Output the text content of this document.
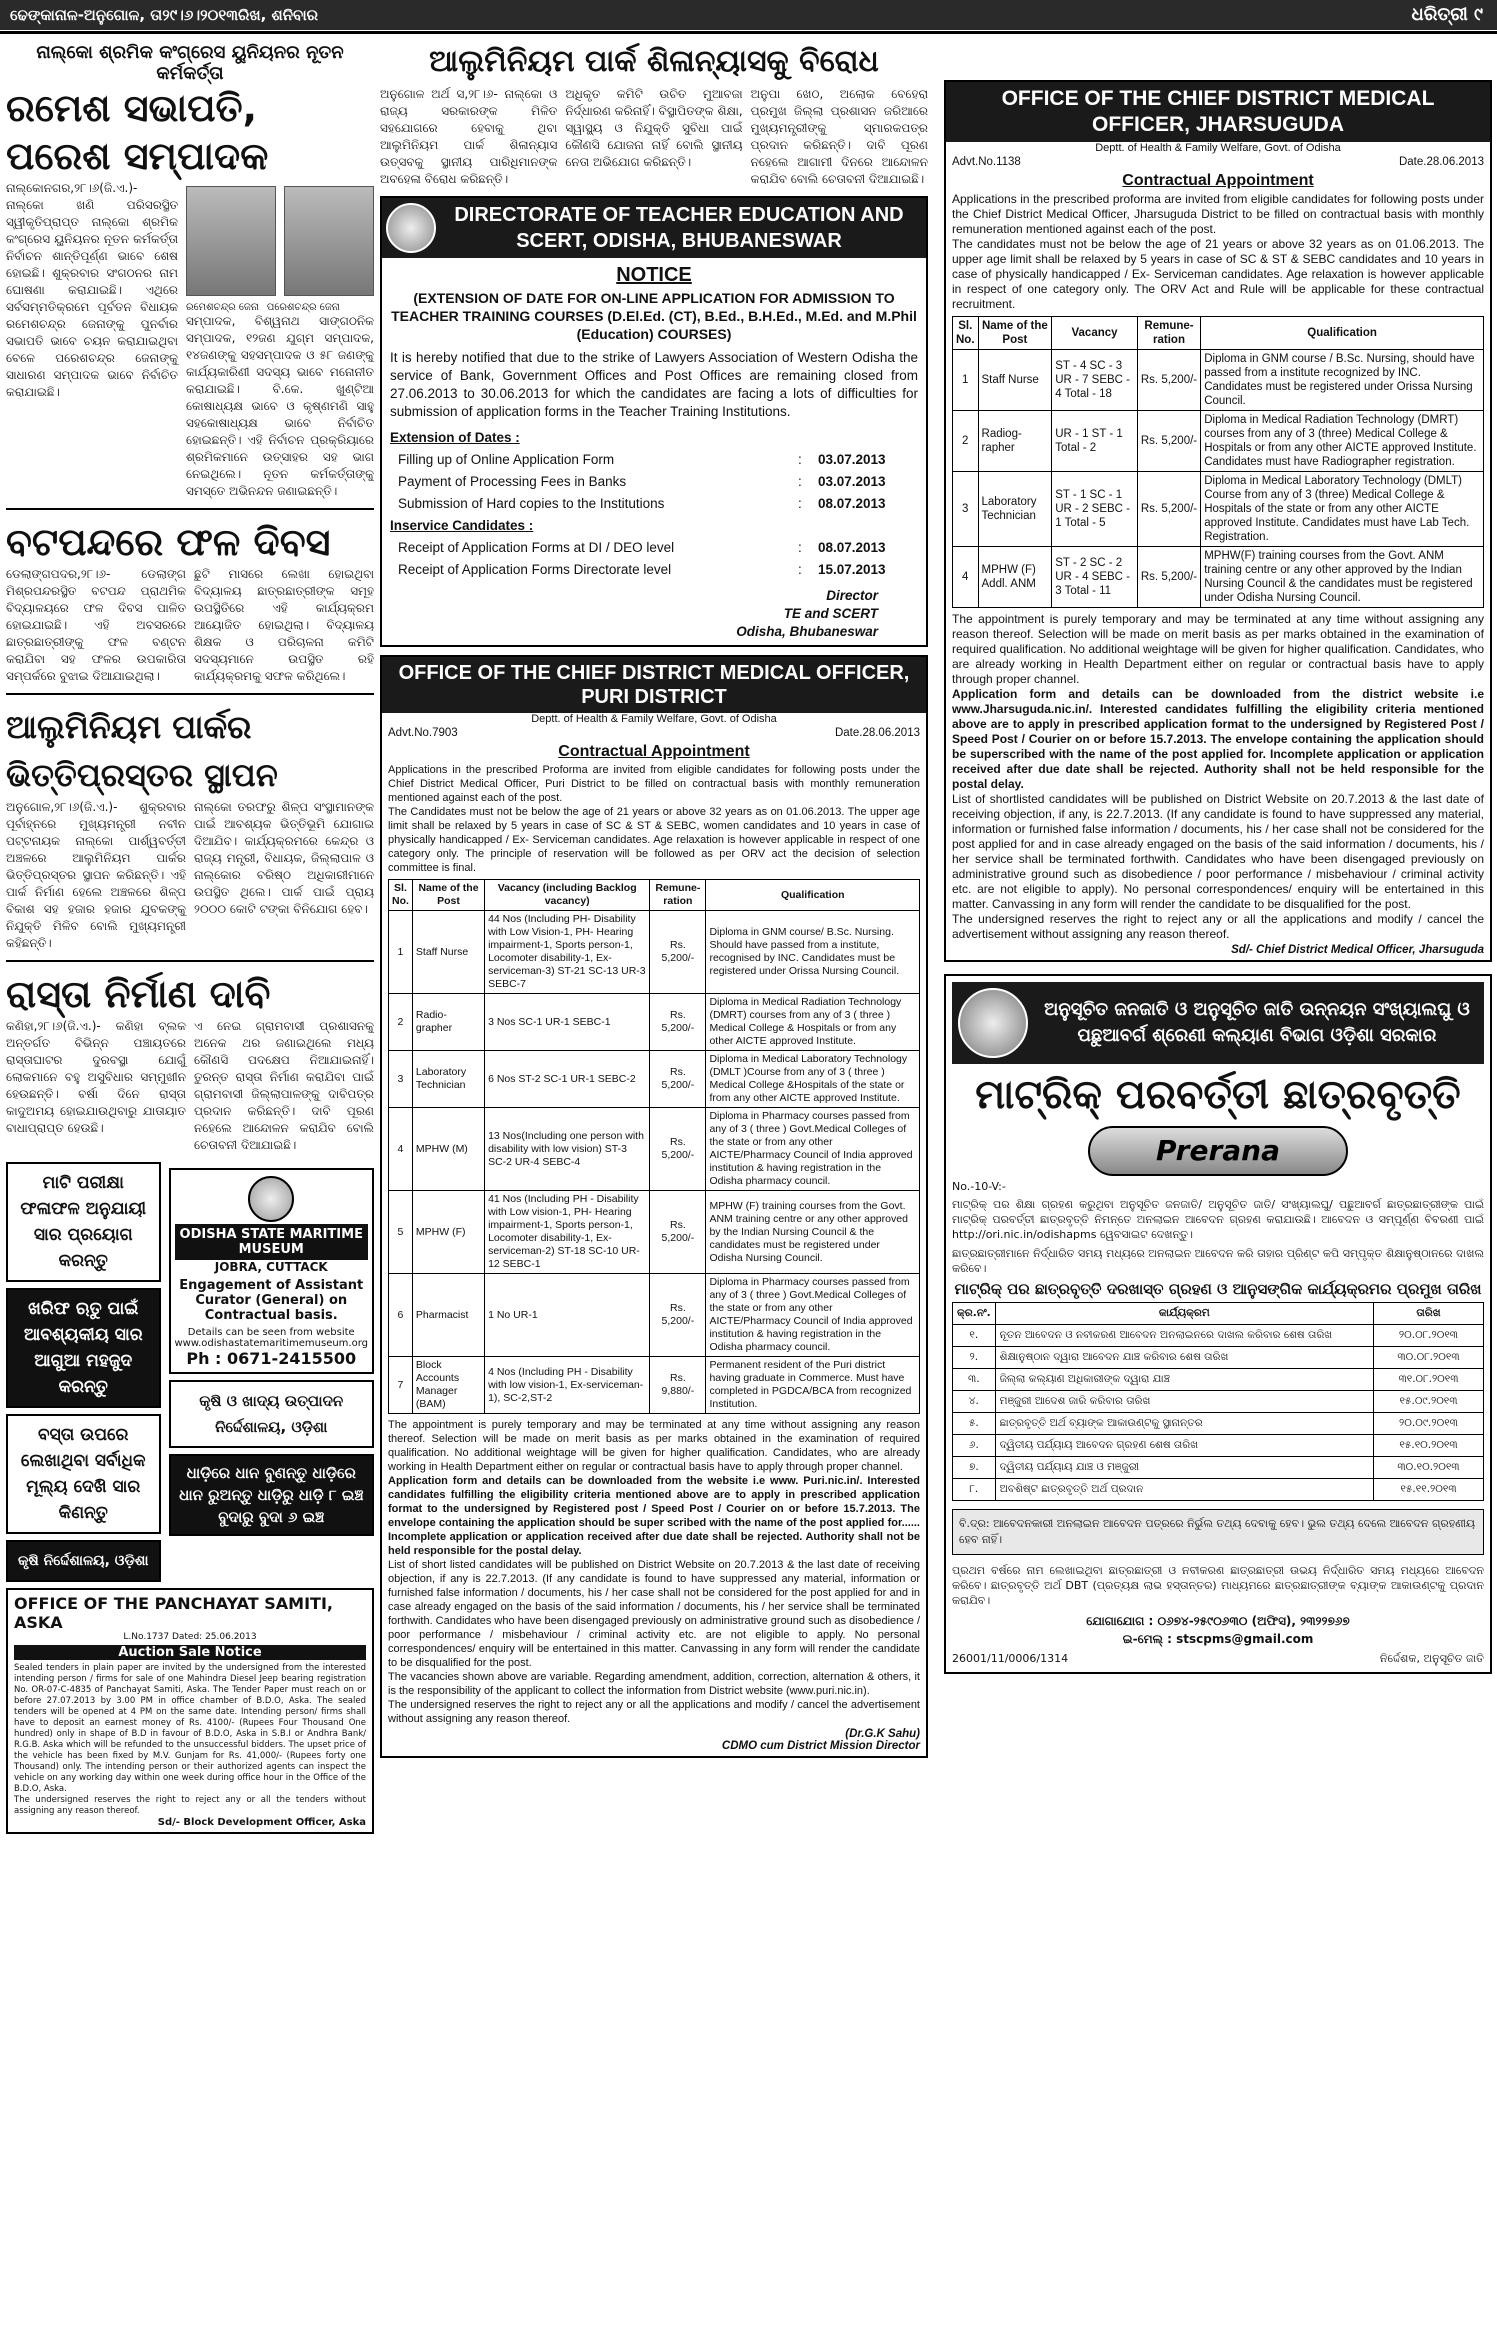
ଢେଙ୍କାନାଳ-ଅନୁଗୋଳ, ତା୨୯।୬।୨୦୧୩ରିଖ, ଶନିବାର	ଧରିତ୍ରୀ ୯
ନାଲ୍‌କୋ ଶ୍ରମିକ କଂଗ୍ରେସ ୟୁନିୟନର ନୂତନ କର୍ମକର୍ତ୍ତା
ରମେଶ ସଭାପତି, ପରେଶ ସମ୍ପାଦକ
ନାଲ୍‌କୋନଗର,୨୮।୬(ଜି.ଏ.)- ନାଲ୍‌କୋ ଖଣି ପରିସରସ୍ଥିତ ସ୍ୱୀକୃତିପ୍ରାପ୍ତ ନାଲ୍‌କୋ ଶ୍ରମିକ କଂଗ୍ରେସ ୟୁନିୟନର ନୂତନ କର୍ମକର୍ତ୍ତା ନିର୍ବାଚନ ଶାନ୍ତିପୂର୍ଣ୍ଣ ଭାବେ ଶେଷ ହୋଇଛି। ଶୁକ୍ରବାର ସଂଗଠନର ନାମ ଘୋଷଣା କରାଯାଇଛି। ଏଥିରେ ସର୍ବସମ୍ମତିକ୍ରମେ ପୂର୍ବତନ ବିଧାୟକ ରମେଶଚନ୍ଦ୍ର ଜେନାଙ୍କୁ ପୁନର୍ବାର ସଭାପତି ଭାବେ ଚୟନ କରାଯାଇଥିବା ବେଳେ ପରେଶଚନ୍ଦ୍ର ଜେନାଙ୍କୁ ସାଧାରଣ ସମ୍ପାଦକ ଭାବେ ନିର୍ବାଚିତ କରାଯାଇଛି।
ରମେଶଚନ୍ଦ୍ର ଜେନା ପରେଶଚନ୍ଦ୍ର ଜେନା
ସମ୍ପାଦକ, ବିଶ୍ୱନାଥ ସାଙ୍ଗଠନିକ ସମ୍ପାଦକ, ୧୨ଜଣ ଯୁଗ୍ମ ସମ୍ପାଦକ, ୧୪ଜଣଙ୍କୁ ସହସମ୍ପାଦକ ଓ ୫୮ ଜଣଙ୍କୁ କାର୍ଯ୍ୟକାରିଣୀ ସଦସ୍ୟ ଭାବେ ମନୋନୀତ କରାଯାଇଛି। ବି.କେ. ଖୁଣ୍ଟିଆ କୋଷାଧ୍ୟକ୍ଷ ଭାବେ ଓ କୃଷ୍ଣମଣି ସାହୁ ସହକୋଷାଧ୍ୟକ୍ଷ ଭାବେ ନିର୍ବାଚିତ ହୋଇଛନ୍ତି। ଏହି ନିର୍ବାଚନ ପ୍ରକ୍ରିୟାରେ ଶ୍ରମିକମାନେ ଉତ୍ସାହର ସହ ଭାଗ ନେଇଥିଲେ। ନୂତନ କର୍ମକର୍ତ୍ତାଙ୍କୁ ସମସ୍ତେ ଅଭିନନ୍ଦନ ଜଣାଇଛନ୍ତି।
ବଟପନ୍ଦରେ ଫଳ ଦିବସ
ଡେଲାଙ୍ଗପଦର,୨୮।୬- ଡେଲାଙ୍ଗ ମିଶ୍ରପନ୍ଦରସ୍ଥିତ ବଟପନ୍ଦ ପ୍ରାଥମିକ ବିଦ୍ୟାଳୟରେ ଫଳ ଦିବସ ପାଳିତ ହୋଇଯାଇଛି। ଏହି ଅବସରରେ ଛାତ୍ରଛାତ୍ରୀଙ୍କୁ ଫଳ ବଣ୍ଟନ କରାଯିବା ସହ ଫଳର ଉପକାରିତା ସମ୍ପର୍କରେ ବୁଝାଇ ଦିଆଯାଇଥିଲା।
ଛୁଟି ମାସରେ ଲେଖା ହୋଇଥିବା ବିଦ୍ୟାଳୟ ଛାତ୍ରଛାତ୍ରୀଙ୍କ ସମୂହ ଉପସ୍ଥିତିରେ ଏହି କାର୍ଯ୍ୟକ୍ରମ ଆୟୋଜିତ ହୋଇଥିଲା। ବିଦ୍ୟାଳୟ ଶିକ୍ଷକ ଓ ପରିଚାଳନା କମିଟି ସଦସ୍ୟମାନେ ଉପସ୍ଥିତ ରହି କାର୍ଯ୍ୟକ୍ରମକୁ ସଫଳ କରିଥିଲେ।
ଆଲୁମିନିୟମ ପାର୍କର ଭିତ୍ତିପ୍ରସ୍ତର ସ୍ଥାପନ
ଅନୁଗୋଳ,୨୮।୬(ଜି.ଏ.)- ଶୁକ୍ରବାର ପୂର୍ବାହ୍ନରେ ମୁଖ୍ୟମନ୍ତ୍ରୀ ନବୀନ ପଟ୍ଟନାୟକ ନାଲ୍‌କୋ ପାର୍ଶ୍ୱବର୍ତ୍ତୀ ଅଞ୍ଚଳରେ ଆଲୁମିନିୟମ ପାର୍କର ଭିତ୍ତିପ୍ରସ୍ତର ସ୍ଥାପନ କରିଛନ୍ତି। ଏହି ପାର୍କ ନିର୍ମାଣ ହେଲେ ଅଞ୍ଚଳରେ ଶିଳ୍ପ ବିକାଶ ସହ ହଜାର ହଜାର ଯୁବକଙ୍କୁ ନିଯୁକ୍ତି ମିଳିବ ବୋଲି ମୁଖ୍ୟମନ୍ତ୍ରୀ କହିଛନ୍ତି।
ନାଲ୍‌କୋ ତରଫରୁ ଶିଳ୍ପ ସଂସ୍ଥାମାନଙ୍କ ପାଇଁ ଆବଶ୍ୟକ ଭିତ୍ତିଭୂମି ଯୋଗାଇ ଦିଆଯିବ। କାର୍ଯ୍ୟକ୍ରମରେ କେନ୍ଦ୍ର ଓ ରାଜ୍ୟ ମନ୍ତ୍ରୀ, ବିଧାୟକ, ଜିଲ୍ଲାପାଳ ଓ ନାଲ୍‌କୋର ବରିଷ୍ଠ ଅଧିକାରୀମାନେ ଉପସ୍ଥିତ ଥିଲେ। ପାର୍କ ପାଇଁ ପ୍ରାୟ ୨୦୦୦ କୋଟି ଟଙ୍କା ବିନିଯୋଗ ହେବ।
ରାସ୍ତା ନିର୍ମାଣ ଦାବି
କଣିହା,୨୮।୬(ଜି.ଏ.)- କଣିହା ବ୍ଲକ ଅନ୍ତର୍ଗତ ବିଭିନ୍ନ ପଞ୍ଚାୟତରେ ରାସ୍ତାଘାଟର ଦୁରବସ୍ଥା ଯୋଗୁଁ ଲୋକମାନେ ବହୁ ଅସୁବିଧାର ସମ୍ମୁଖୀନ ହେଉଛନ୍ତି। ବର୍ଷା ଦିନେ ରାସ୍ତା କାଦୁଅମୟ ହୋଇଯାଉଥିବାରୁ ଯାତାୟାତ ବାଧାପ୍ରାପ୍ତ ହେଉଛି।
ଏ ନେଇ ଗ୍ରାମବାସୀ ପ୍ରଶାସନକୁ ଅନେକ ଥର ଜଣାଇଥିଲେ ମଧ୍ୟ କୌଣସି ପଦକ୍ଷେପ ନିଆଯାଇନାହିଁ। ତୁରନ୍ତ ରାସ୍ତା ନିର୍ମାଣ କରାଯିବା ପାଇଁ ଗ୍ରାମବାସୀ ଜିଲ୍ଲାପାଳଙ୍କୁ ଦାବିପତ୍ର ପ୍ରଦାନ କରିଛନ୍ତି। ଦାବି ପୂରଣ ନହେଲେ ଆନ୍ଦୋଳନ କରାଯିବ ବୋଲି ଚେତାବନୀ ଦିଆଯାଇଛି।
ମାଟି ପରୀକ୍ଷା ଫଳାଫଳ ଅନୁଯାୟୀ ସାର ପ୍ରୟୋଗ କରନ୍ତୁ
ଖରିଫ ଋତୁ ପାଇଁ ଆବଶ୍ୟକୀୟ ସାର ଆଗୁଆ ମହଜୁଦ କରନ୍ତୁ
ବସ୍ତା ଉପରେ ଲେଖାଥିବା ସର୍ବାଧିକ ମୂଲ୍ୟ ଦେଖି ସାର କିଣନ୍ତୁ
କୃଷି ନିର୍ଦ୍ଦେଶାଳୟ, ଓଡ଼ିଶା
ODISHA STATE MARITIME MUSEUM
JOBRA, CUTTACK
Engagement of Assistant Curator (General) on Contractual basis.
Details can be seen from website www.odishastatemaritimemuseum.org
Ph : 0671-2415500
କୃଷି ଓ ଖାଦ୍ୟ ଉତ୍ପାଦନ ନିର୍ଦ୍ଦେଶାଳୟ, ଓଡ଼ିଶା
ଧାଡ଼ିରେ ଧାନ ବୁଣନ୍ତୁ ଧାଡ଼ିରେ ଧାନ ରୁଅନ୍ତୁ ଧାଡ଼ିରୁ ଧାଡ଼ି ୮ ଇଞ୍ଚ ବୁଦାରୁ ବୁଦା ୬ ଇଞ୍ଚ
OFFICE OF THE PANCHAYAT SAMITI, ASKA
L.No.1737 Dated: 25.06.2013
Auction Sale Notice
Sealed tenders in plain paper are invited by the undersigned from the interested intending person / firms for sale of one Mahindra Diesel Jeep bearing registration No. OR-07-C-4835 of Panchayat Samiti, Aska. The Tender Paper must reach on or before 27.07.2013 by 3.00 PM in office chamber of B.D.O, Aska. The sealed tenders will be opened at 4 PM on the same date. Intending person/ firms shall have to deposit an earnest money of Rs. 4100/- (Rupees Four Thousand One hundred) only in shape of B.D in favour of B.D.O, Aska in S.B.I or Andhra Bank/ R.G.B. Aska which will be refunded to the unsuccessful bidders. The upset price of the vehicle has been fixed by M.V. Gunjam for Rs. 41,000/- (Rupees forty one Thousand) only. The intending person or their authorized agents can inspect the vehicle on any working day within one week during office hour in the Office of the B.D.O, Aska.
The undersigned reserves the right to reject any or all the tenders without assigning any reason thereof.
Sd/- Block Development Officer, Aska
ଆଲୁମିନିୟମ ପାର୍କ ଶିଳାନ୍ୟାସକୁ ବିରୋଧ
ଅନୁଗୋଳ ଅର୍ଥ ସ,୨୮।୬- ନାଲ୍‌କୋ ଓ ରାଜ୍ୟ ସରକାରଙ୍କ ମିଳିତ ସହଯୋଗରେ ହେବାକୁ ଥିବା ଆଲୁମିନିୟମ ପାର୍କ ଶିଳାନ୍ୟାସ ଉତ୍ସବକୁ ସ୍ଥାନୀୟ ପାରିଧିମାନଙ୍କ ଅବହେଳା ବିରୋଧ କରିଛନ୍ତି।
ଅଧିକୃତ କମିଟି ଉଚିତ ମୁଆବଜା ନିର୍ଦ୍ଧାରଣ କରିନାହିଁ। ବିସ୍ଥାପିତଙ୍କ ଶିକ୍ଷା, ସ୍ୱାସ୍ଥ୍ୟ ଓ ନିଯୁକ୍ତି ସୁବିଧା ପାଇଁ କୌଣସି ଯୋଜନା ନାହିଁ ବୋଲି ସ୍ଥାନୀୟ ନେତା ଅଭିଯୋଗ କରିଛନ୍ତି।
ଅନୁପା ଖେଠ, ଅଲୋକ ବେହେରା ପ୍ରମୁଖ ଜିଲ୍ଲା ପ୍ରଶାସନ ଜରିଆରେ ମୁଖ୍ୟମନ୍ତ୍ରୀଙ୍କୁ ସ୍ମାରକପତ୍ର ପ୍ରଦାନ କରିଛନ୍ତି। ଦାବି ପୂରଣ ନହେଲେ ଆଗାମୀ ଦିନରେ ଆନ୍ଦୋଳନ କରାଯିବ ବୋଲି ଚେତାବନୀ ଦିଆଯାଇଛି।
DIRECTORATE OF TEACHER EDUCATION AND SCERT, ODISHA, BHUBANESWAR
NOTICE
(EXTENSION OF DATE FOR ON-LINE APPLICATION FOR ADMISSION TO TEACHER TRAINING COURSES (D.El.Ed. (CT), B.Ed., B.H.Ed., M.Ed. and M.Phil (Education) COURSES)
It is hereby notified that due to the strike of Lawyers Association of Western Odisha the service of Bank, Government Offices and Post Offices are remaining closed from 27.06.2013 to 30.06.2013 for which the candidates are facing a lots of difficulties for submission of application forms in the Teacher Training Institutions.
Extension of Dates :
Filling up of Online Application Form	:	03.07.2013
Payment of Processing Fees in Banks	:	03.07.2013
Submission of Hard copies to the Institutions	:	08.07.2013
Inservice Candidates :
Receipt of Application Forms at DI / DEO level	:	08.07.2013
Receipt of Application Forms Directorate level	:	15.07.2013
Director
TE and SCERT
Odisha, Bhubaneswar
OFFICE OF THE CHIEF DISTRICT MEDICAL OFFICER, PURI DISTRICT
Deptt. of Health & Family Welfare, Govt. of Odisha
Advt.No.7903	Date.28.06.2013
Contractual Appointment
Applications in the prescribed Proforma are invited from eligible candidates for following posts under the Chief District Medical Officer, Puri District to be filled on contractual basis with monthly remuneration mentioned against each of the post.
The Candidates must not be below the age of 21 years or above 32 years as on 01.06.2013. The upper age limit shall be relaxed by 5 years in case of SC & ST & SEBC, women candidates and 10 years in case of physically handicapped / Ex- Serviceman candidates. Age relaxation is however applicable in respect of one category only. The principle of reservation will be followed as per ORV act the decision of selection committee is final.
Sl. No.	Name of the Post	Vacancy (including Backlog vacancy)	Remune- ration	Qualification
1	Staff Nurse	44 Nos (Including PH- Disability with Low Vision-1, PH- Hearing impairment-1, Sports person-1, Locomoter disability-1, Ex-serviceman-3) ST-21 SC-13 UR-3 SEBC-7	Rs. 5,200/-	Diploma in GNM course/ B.Sc. Nursing. Should have passed from a institute, recognised by INC. Candidates must be registered under Orissa Nursing Council.
2	Radio- grapher	3 Nos SC-1 UR-1 SEBC-1	Rs. 5,200/-	Diploma in Medical Radiation Technology (DMRT) courses from any of 3 ( three ) Medical College & Hospitals or from any other AICTE approved Institute.
3	Laboratory Technician	6 Nos ST-2 SC-1 UR-1 SEBC-2	Rs. 5,200/-	Diploma in Medical Laboratory Technology (DMLT )Course from any of 3 ( three ) Medical College &Hospitals of the state or from any other AICTE approved Institute.
4	MPHW (M)	13 Nos(Including one person with disability with low vision) ST-3 SC-2 UR-4 SEBC-4	Rs. 5,200/-	Diploma in Pharmacy courses passed from any of 3 ( three ) Govt.Medical Colleges of the state or from any other AICTE/Pharmacy Council of India approved institution & having registration in the Odisha pharmacy council.
5	MPHW (F)	41 Nos (Including PH - Disability with Low vision-1, PH- Hearing impairment-1, Sports person-1, Locomoter disability-1, Ex-serviceman-2) ST-18 SC-10 UR-12 SEBC-1	Rs. 5,200/-	MPHW (F) training courses from the Govt. ANM training centre or any other approved by the Indian Nursing Council & the candidates must be registered under Odisha Nursing Council.
6	Pharmacist	1 No UR-1	Rs. 5,200/-	Diploma in Pharmacy courses passed from any of 3 ( three ) Govt.Medical Colleges of the state or from any other AICTE/Pharmacy Council of India approved institution & having registration in the Odisha pharmacy council.
7	Block Accounts Manager (BAM)	4 Nos (Including PH - Disability with low vision-1, Ex-serviceman-1), SC-2,ST-2	Rs. 9,880/-	Permanent resident of the Puri district having graduate in Commerce. Must have completed in PGDCA/BCA from recognized Institution.
The appointment is purely temporary and may be terminated at any time without assigning any reason thereof. Selection will be made on merit basis as per marks obtained in the examination of required qualification. No additional weightage will be given for higher qualification. Candidates, who are already working in Health Department either on regular or contractual basis have to apply through proper channel.
Application form and details can be downloaded from the website i.e www. Puri.nic.in/. Interested candidates fulfilling the eligibility criteria mentioned above are to apply in prescribed application format to the undersigned by Registered post / Speed Post / Courier on or before 15.7.2013. The envelope containing the application should be super scribed with the name of the post applied for...... Incomplete application or application received after due date shall be rejected. Authority shall not be held responsible for the postal delay.
List of short listed candidates will be published on District Website on 20.7.2013 & the last date of receiving objection, if any is 22.7.2013. (If any candidate is found to have suppressed any material, information or furnished false information / documents, his / her case shall not be considered for the post applied for and in case already engaged on the basis of the said information / documents, his / her service shall be terminated forthwith. Candidates who have been disengaged previously on administrative ground such as disobedience / poor performance / misbehaviour / criminal activity etc. are not eligible to apply. No personal correspondences/ enquiry will be entertained in this matter. Canvassing in any form will render the candidate to be disqualified for the post.
The vacancies shown above are variable. Regarding amendment, addition, correction, alternation & others, it is the responsibility of the applicant to collect the information from District website (www.puri.nic.in).
The undersigned reserves the right to reject any or all the applications and modify / cancel the advertisement without assigning any reason thereof.
(Dr.G.K Sahu)
CDMO cum District Mission Director
OFFICE OF THE CHIEF DISTRICT MEDICAL OFFICER, JHARSUGUDA
Deptt. of Health & Family Welfare, Govt. of Odisha
Advt.No.1138	Date.28.06.2013
Contractual Appointment
Applications in the prescribed proforma are invited from eligible candidates for following posts under the Chief District Medical Officer, Jharsuguda District to be filled on contractual basis with monthly remuneration mentioned against each of the post.
The candidates must not be below the age of 21 years or above 32 years as on 01.06.2013. The upper age limit shall be relaxed by 5 years in case of SC & ST & SEBC candidates and 10 years in case of physically handicapped / Ex- Serviceman candidates. Age relaxation is however applicable in respect of one category only. The ORV Act and Rule will be applicable for these contractual recruitment.
Sl. No.	Name of the Post	Vacancy	Remune- ration	Qualification
1	Staff Nurse	ST - 4 SC - 3 UR - 7 SEBC - 4 Total - 18	Rs. 5,200/-	Diploma in GNM course / B.Sc. Nursing, should have passed from a institute recognized by INC. Candidates must be registered under Orissa Nursing Council.
2	Radiog- rapher	UR - 1 ST - 1 Total - 2	Rs. 5,200/-	Diploma in Medical Radiation Technology (DMRT) courses from any of 3 (three) Medical College & Hospitals or from any other AICTE approved Institute. Candidates must have Radiographer registration.
3	Laboratory Technician	ST - 1 SC - 1 UR - 2 SEBC - 1 Total - 5	Rs. 5,200/-	Diploma in Medical Laboratory Technology (DMLT) Course from any of 3 (three) Medical College & Hospitals of the state or from any other AICTE approved Institute. Candidates must have Lab Tech. Registration.
4	MPHW (F) Addl. ANM	ST - 2 SC - 2 UR - 4 SEBC - 3 Total - 11	Rs. 5,200/-	MPHW(F) training courses from the Govt. ANM training centre or any other approved by the Indian Nursing Council & the candidates must be registered under Odisha Nursing Council.
The appointment is purely temporary and may be terminated at any time without assigning any reason thereof. Selection will be made on merit basis as per marks obtained in the examination of required qualification. No additional weightage will be given for higher qualification. Candidates, who are already working in Health Department either on regular or contractual basis have to apply through proper channel.
Application form and details can be downloaded from the district website i.e www.Jharsuguda.nic.in/. Interested candidates fulfilling the eligibility criteria mentioned above are to apply in prescribed application format to the undersigned by Registered Post / Speed Post / Courier on or before 15.7.2013. The envelope containing the application should be superscribed with the name of the post applied for. Incomplete application or application received after due date shall be rejected. Authority shall not be held responsible for the postal delay.
List of shortlisted candidates will be published on District Website on 20.7.2013 & the last date of receiving objection, if any, is 22.7.2013. (If any candidate is found to have suppressed any material, information or furnished false information / documents, his / her case shall not be considered for the post applied for and in case already engaged on the basis of the said information / documents, his / her service shall be terminated forthwith. Candidates who have been disengaged previously on administrative ground such as disobedience / poor performance / misbehaviour / criminal activity etc. are not eligible to apply). No personal correspondences/ enquiry will be entertained in this matter. Canvassing in any form will render the candidate to be disqualified for the post.
The undersigned reserves the right to reject any or all the applications and modify / cancel the advertisement without assigning any reason thereof.
Sd/- Chief District Medical Officer, Jharsuguda
ଅନୁସୂଚିତ ଜନଜାତି ଓ ଅନୁସୂଚିତ ଜାତି ଉନ୍ନୟନ ସଂଖ୍ୟାଲଘୁ ଓ ପଛୁଆବର୍ଗ ଶ୍ରେଣୀ କଲ୍ୟାଣ ବିଭାଗ ଓଡ଼ିଶା ସରକାର
ମାଟ୍ରିକ୍ ପରବର୍ତ୍ତୀ ଛାତ୍ରବୃତ୍ତି
Prerana
No.-10-V:-
ମାଟ୍ରିକ୍ ପର ଶିକ୍ଷା ଗ୍ରହଣ କରୁଥିବା ଅନୁସୂଚିତ ଜନଜାତି/ ଅନୁସୂଚିତ ଜାତି/ ସଂଖ୍ୟାଲଘୁ/ ପଛୁଆବର୍ଗ ଛାତ୍ରଛାତ୍ରୀଙ୍କ ପାଇଁ ମାଟ୍ରିକ୍ ପରବର୍ତ୍ତୀ ଛାତ୍ରବୃତ୍ତି ନିମନ୍ତେ ଅନଲାଇନ ଆବେଦନ ଗ୍ରହଣ କରାଯାଉଛି। ଆବେଦନ ଓ ସମ୍ପୂର୍ଣ୍ଣ ବିବରଣୀ ପାଇଁ http://ori.nic.in/odishapms ୱେବସାଇଟ ଦେଖନ୍ତୁ।
ଛାତ୍ରଛାତ୍ରୀମାନେ ନିର୍ଦ୍ଧାରିତ ସମୟ ମଧ୍ୟରେ ଅନଲାଇନ ଆବେଦନ କରି ତାହାର ପ୍ରିଣ୍ଟ କପି ସମ୍ପୃକ୍ତ ଶିକ୍ଷାନୁଷ୍ଠାନରେ ଦାଖଲ କରିବେ।
ମାଟ୍ରିକ୍ ପର ଛାତ୍ରବୃତ୍ତି ଦରଖାସ୍ତ ଗ୍ରହଣ ଓ ଆନୁସଙ୍ଗିକ କାର୍ଯ୍ୟକ୍ରମର ପ୍ରମୁଖ ତାରିଖ
କ୍ର.ନଂ.	କାର୍ଯ୍ୟକ୍ରମ	ତାରିଖ
୧.	ନୂତନ ଆବେଦନ ଓ ନବୀକରଣ ଆବେଦନ ଅନଲାଇନରେ ଦାଖଲ କରିବାର ଶେଷ ତାରିଖ	୨୦.୦୮.୨୦୧୩
୨.	ଶିକ୍ଷାନୁଷ୍ଠାନ ଦ୍ୱାରା ଆବେଦନ ଯାଞ୍ଚ କରିବାର ଶେଷ ତାରିଖ	୩୦.୦୮.୨୦୧୩
୩.	ଜିଲ୍ଲା କଲ୍ୟାଣ ଅଧିକାରୀଙ୍କ ଦ୍ୱାରା ଯାଞ୍ଚ	୩୧.୦୮.୨୦୧୩
୪.	ମଞ୍ଜୁରୀ ଆଦେଶ ଜାରି କରିବାର ତାରିଖ	୧୫.୦୯.୨୦୧୩
୫.	ଛାତ୍ରବୃତ୍ତି ଅର୍ଥ ବ୍ୟାଙ୍କ ଆକାଉଣ୍ଟକୁ ସ୍ଥାନାନ୍ତର	୨୦.୦୯.୨୦୧୩
୬.	ଦ୍ୱିତୀୟ ପର୍ଯ୍ୟାୟ ଆବେଦନ ଗ୍ରହଣ ଶେଷ ତାରିଖ	୧୫.୧୦.୨୦୧୩
୭.	ଦ୍ୱିତୀୟ ପର୍ଯ୍ୟାୟ ଯାଞ୍ଚ ଓ ମଞ୍ଜୁରୀ	୩୦.୧୦.୨୦୧୩
୮.	ଅବଶିଷ୍ଟ ଛାତ୍ରବୃତ୍ତି ଅର୍ଥ ପ୍ରଦାନ	୧୫.୧୧.୨୦୧୩
ବି.ଦ୍ର: ଆବେଦନକାରୀ ଅନଲାଇନ ଆବେଦନ ପତ୍ରରେ ନିର୍ଭୁଲ ତଥ୍ୟ ଦେବାକୁ ହେବ। ଭୁଲ ତଥ୍ୟ ଦେଲେ ଆବେଦନ ଗ୍ରହଣୀୟ ହେବ ନାହିଁ।
ପ୍ରଥମ ବର୍ଷରେ ନାମ ଲେଖାଇଥିବା ଛାତ୍ରଛାତ୍ରୀ ଓ ନବୀକରଣ ଛାତ୍ରଛାତ୍ରୀ ଉଭୟ ନିର୍ଦ୍ଧାରିତ ସମୟ ମଧ୍ୟରେ ଆବେଦନ କରିବେ। ଛାତ୍ରବୃତ୍ତି ଅର୍ଥ DBT (ପ୍ରତ୍ୟକ୍ଷ ଲାଭ ହସ୍ତାନ୍ତର) ମାଧ୍ୟମରେ ଛାତ୍ରଛାତ୍ରୀଙ୍କ ବ୍ୟାଙ୍କ ଆକାଉଣ୍ଟକୁ ପ୍ରଦାନ କରାଯିବ।
ଯୋଗାଯୋଗ : ୦୬୭୪-୨୫୯୦୬୩୦ (ଅଫିସ), ୨୩୨୨୭୬୭
ଇ-ମେଲ୍ : stscpms@gmail.com
26001/11/0006/1314	ନିର୍ଦ୍ଦେଶକ, ଅନୁସୂଚିତ ଜାତି
